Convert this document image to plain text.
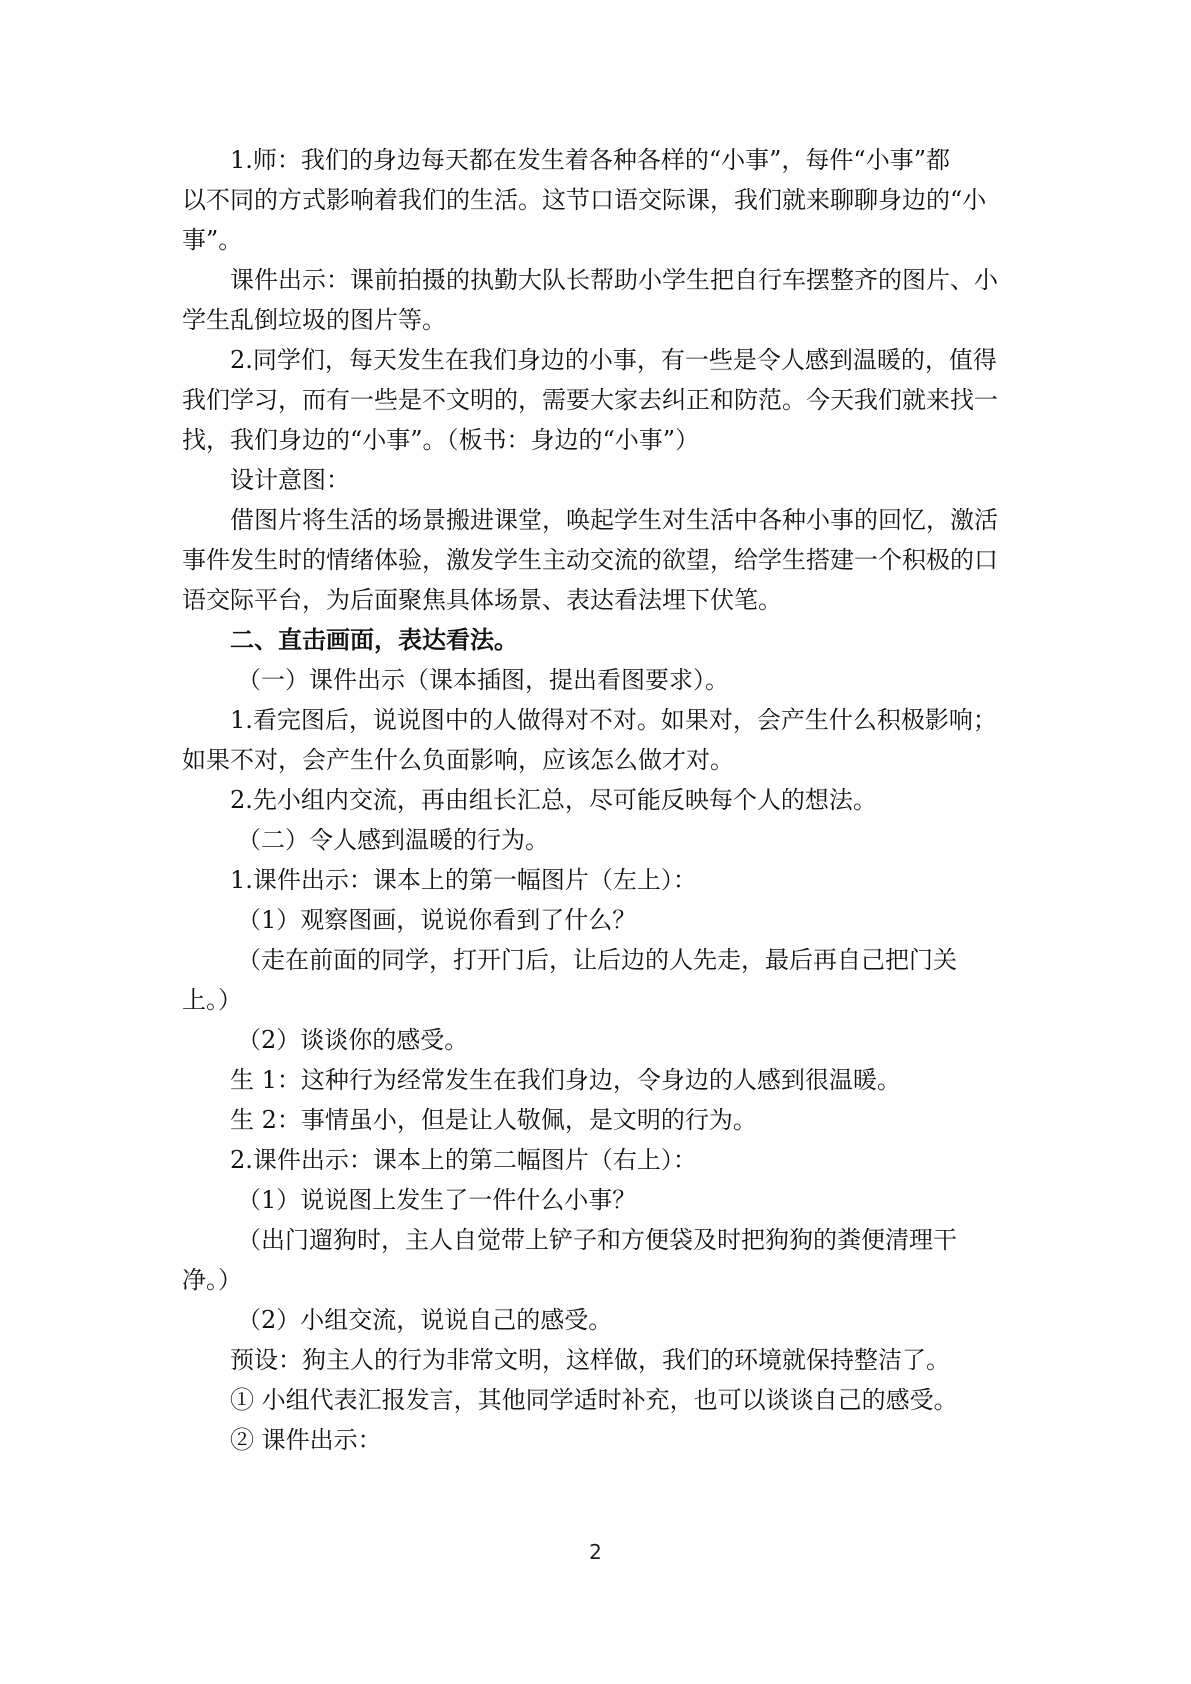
1.师：我们的身边每天都在发生着各种各样的“小事”，每件“小事”都
以不同的方式影响着我们的生活。这节口语交际课，我们就来聊聊身边的“小
事”。
课件出示：课前拍摄的执勤大队长帮助小学生把自行车摆整齐的图片、小
学生乱倒垃圾的图片等。
2.同学们，每天发生在我们身边的小事，有一些是令人感到温暖的，值得
我们学习，而有一些是不文明的，需要大家去纠正和防范。今天我们就来找一
找，我们身边的“小事”。（板书：身边的“小事”）
设计意图：
借图片将生活的场景搬进课堂，唤起学生对生活中各种小事的回忆，激活
事件发生时的情绪体验，激发学生主动交流的欲望，给学生搭建一个积极的口
语交际平台，为后面聚焦具体场景、表达看法埋下伏笔。
二、直击画面，表达看法。
（一）课件出示（课本插图，提出看图要求）。
1.看完图后，说说图中的人做得对不对。如果对，会产生什么积极影响；
如果不对，会产生什么负面影响，应该怎么做才对。
2.先小组内交流，再由组长汇总，尽可能反映每个人的想法。
（二）令人感到温暖的行为。
1.课件出示：课本上的第一幅图片（左上）：
（1）观察图画，说说你看到了什么？
（走在前面的同学，打开门后，让后边的人先走，最后再自己把门关
上。）
（2）谈谈你的感受。
生 1：这种行为经常发生在我们身边，令身边的人感到很温暖。
生 2：事情虽小，但是让人敬佩，是文明的行为。
2.课件出示：课本上的第二幅图片（右上）：
（1）说说图上发生了一件什么小事？
（出门遛狗时，主人自觉带上铲子和方便袋及时把狗狗的粪便清理干
净。）
（2）小组交流，说说自己的感受。
预设：狗主人的行为非常文明，这样做，我们的环境就保持整洁了。
① 小组代表汇报发言，其他同学适时补充，也可以谈谈自己的感受。
② 课件出示：
2
